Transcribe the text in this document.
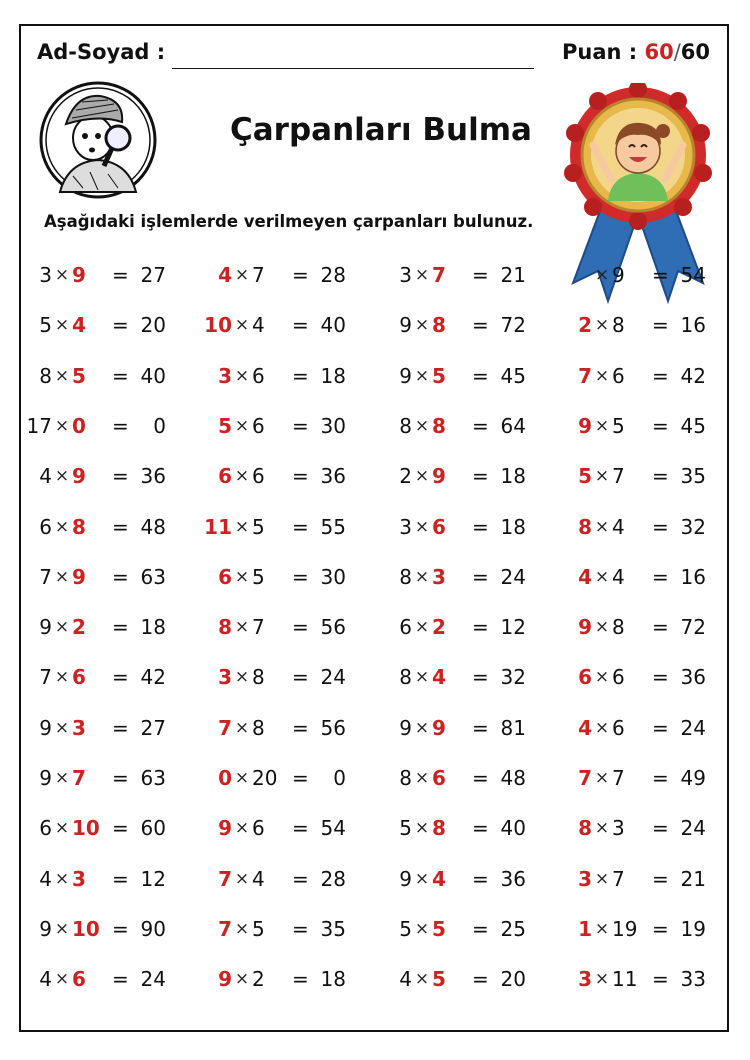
Ad-Soyad :	Puan : 60/60
Çarpanları Bulma
Aşağıdaki işlemlerde verilmeyen çarpanları bulunuz.
3 × 9	= 27
5 × 4	= 20
8 × 5	= 40
17 × 0	=	0
4 × 9	= 36
6 × 8	= 48
7 × 9	= 63
9 × 2	= 18
7 × 6	= 42
9 × 3	= 27
9 × 7	= 63
6 × 10 = 60
4 × 3	= 12
9 × 10 = 90
4 × 6	= 24
4 × 7	= 28
10 × 4	= 40
3 × 6	= 18
5 × 6	= 30
6 × 6	= 36
11 × 5	= 55
6 × 5	= 30
8 × 7	= 56
3 × 8	= 24
7 × 8	= 56
0 × 20 =	0
9 × 6	= 54
7 × 4	= 28
7 × 5	= 35
9 × 2	= 18
3 × 7	= 21
9 × 8	= 72
9 × 5	= 45
8 × 8	= 64
2 × 9	= 18
3 × 6	= 18
8 × 3	= 24
6 × 2	= 12
8 × 4	= 32
9 × 9	= 81
8 × 6	= 48
5 × 8	= 40
9 × 4	= 36
5 × 5	= 25
4 × 5	= 20
× 9	= 54
2 × 8	= 16
7 × 6	= 42
9 × 5	= 45
5 × 7	= 35
8 × 4	= 32
4 × 4	= 16
9 × 8	= 72
6 × 6	= 36
4 × 6	= 24
7 × 7	= 49
8 × 3	= 24
3 × 7	= 21
1 × 19 = 19
3 × 11 = 33
